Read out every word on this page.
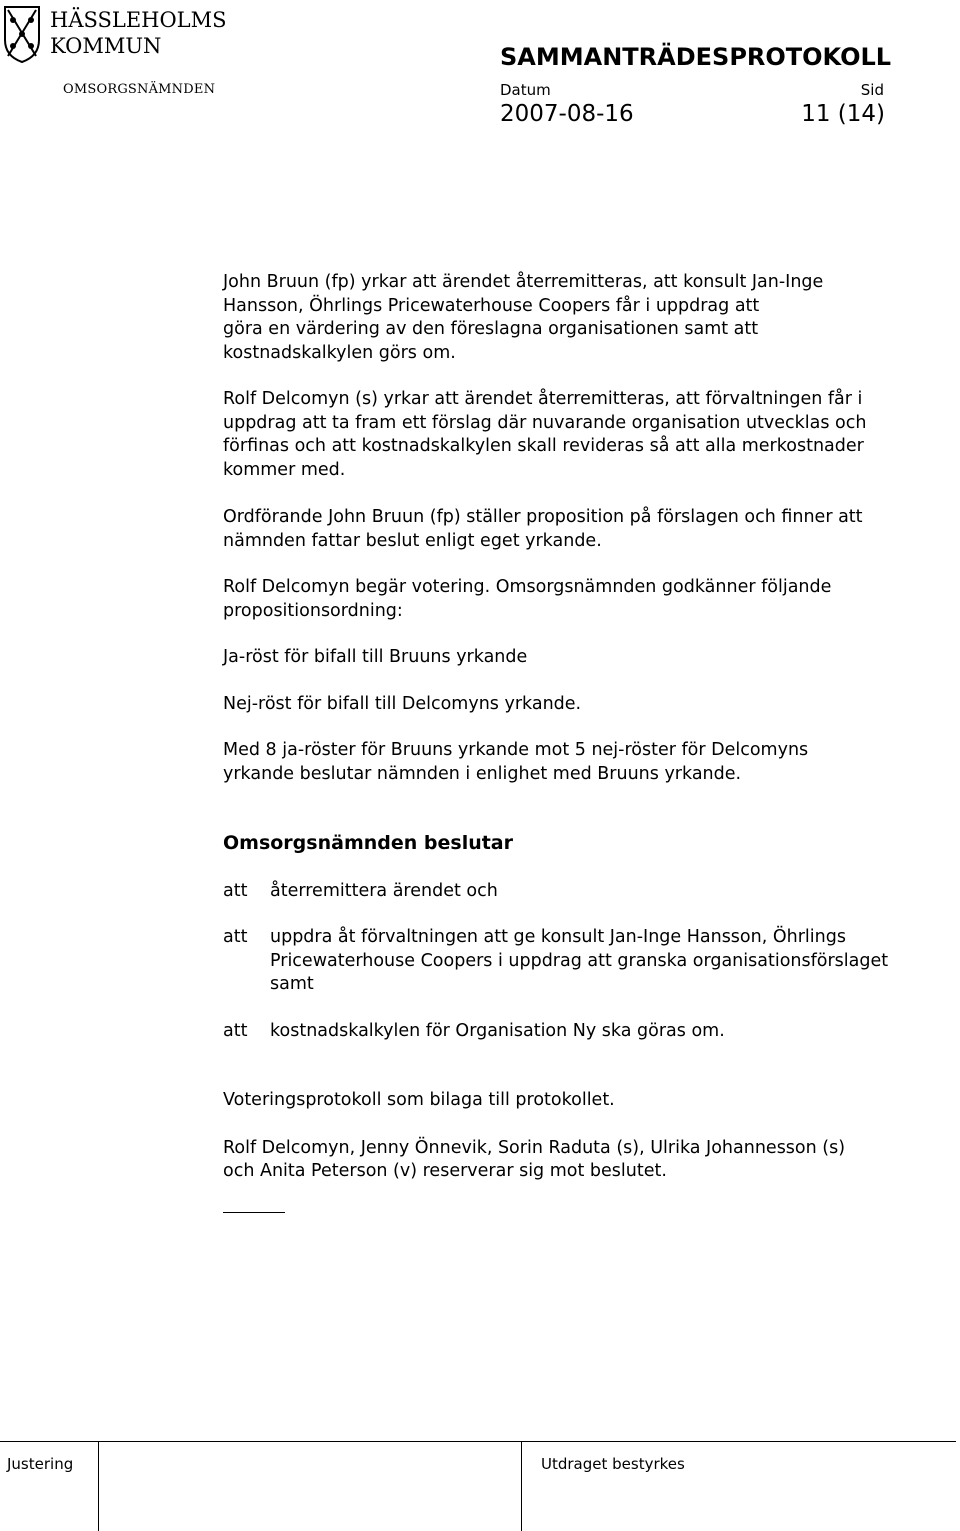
HÄSSLEHOLMS
KOMMUN
OMSORGSNÄMNDEN
SAMMANTRÄDESPROTOKOLL
Datum	Sid
2007-08-16	11 (14)

John Bruun (fp) yrkar att ärendet återremitteras, att konsult Jan-Inge
Hansson, Öhrlings Pricewaterhouse Coopers får i uppdrag att
göra en värdering av den föreslagna organisationen samt att
kostnadskalkylen görs om.

Rolf Delcomyn (s) yrkar att ärendet återremitteras, att förvaltningen får i
uppdrag att ta fram ett förslag där nuvarande organisation utvecklas och
förfinas och att kostnadskalkylen skall revideras så att alla merkostnader
kommer med.

Ordförande John Bruun (fp) ställer proposition på förslagen och finner att
nämnden fattar beslut enligt eget yrkande.

Rolf Delcomyn begär votering. Omsorgsnämnden godkänner följande
propositionsordning:

Ja-röst för bifall till Bruuns yrkande

Nej-röst för bifall till Delcomyns yrkande.

Med 8 ja-röster för Bruuns yrkande mot 5 nej-röster för Delcomyns
yrkande beslutar nämnden i enlighet med Bruuns yrkande.

Omsorgsnämnden beslutar
att återremittera ärendet och
att uppdra åt förvaltningen att ge konsult Jan-Inge Hansson, Öhrlings
Pricewaterhouse Coopers i uppdrag att granska organisationsförslaget
samt
att kostnadskalkylen för Organisation Ny ska göras om.

Voteringsprotokoll som bilaga till protokollet.

Rolf Delcomyn, Jenny Önnevik, Sorin Raduta (s), Ulrika Johannesson (s)
och Anita Peterson (v) reserverar sig mot beslutet.

Justering	Utdraget bestyrkes
